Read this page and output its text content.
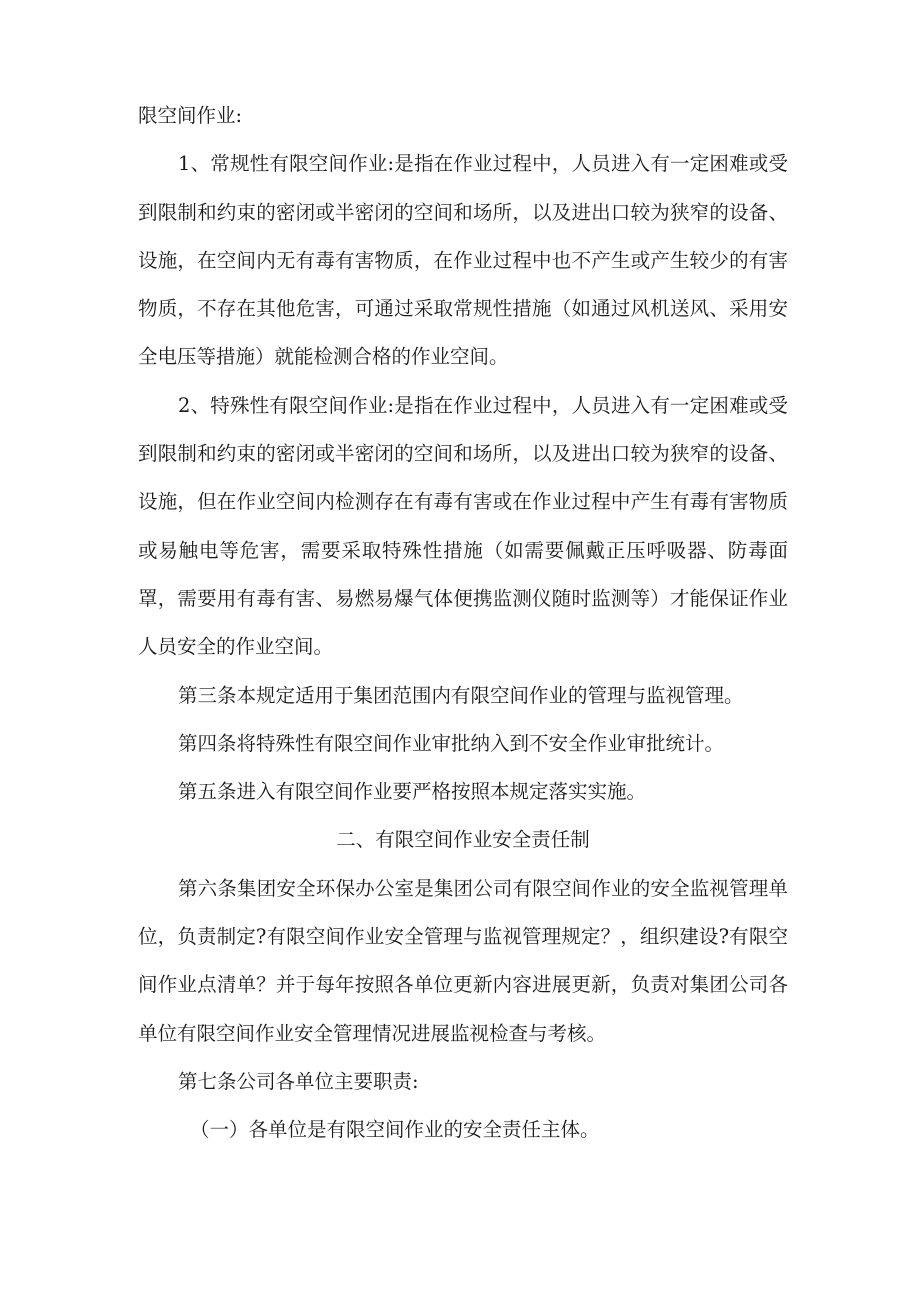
限空间作业:

1、常规性有限空间作业:是指在作业过程中，人员进入有一定困难或受到限制和约束的密闭或半密闭的空间和场所，以及进出口较为狭窄的设备、设施，在空间内无有毒有害物质，在作业过程中也不产生或产生较少的有害物质，不存在其他危害，可通过采取常规性措施（如通过风机送风、采用安全电压等措施）就能检测合格的作业空间。

2、特殊性有限空间作业:是指在作业过程中，人员进入有一定困难或受到限制和约束的密闭或半密闭的空间和场所，以及进出口较为狭窄的设备、设施，但在作业空间内检测存在有毒有害或在作业过程中产生有毒有害物质或易触电等危害，需要采取特殊性措施（如需要佩戴正压呼吸器、防毒面罩，需要用有毒有害、易燃易爆气体便携监测仪随时监测等）才能保证作业人员安全的作业空间。

第三条本规定适用于集团范围内有限空间作业的管理与监视管理。

第四条将特殊性有限空间作业审批纳入到不安全作业审批统计。

第五条进入有限空间作业要严格按照本规定落实实施。

二、有限空间作业安全责任制

第六条集团安全环保办公室是集团公司有限空间作业的安全监视管理单位，负责制定?有限空间作业安全管理与监视管理规定？，组织建设?有限空间作业点清单？并于每年按照各单位更新内容进展更新，负责对集团公司各单位有限空间作业安全管理情况进展监视检查与考核。

第七条公司各单位主要职责:

（一）各单位是有限空间作业的安全责任主体。
